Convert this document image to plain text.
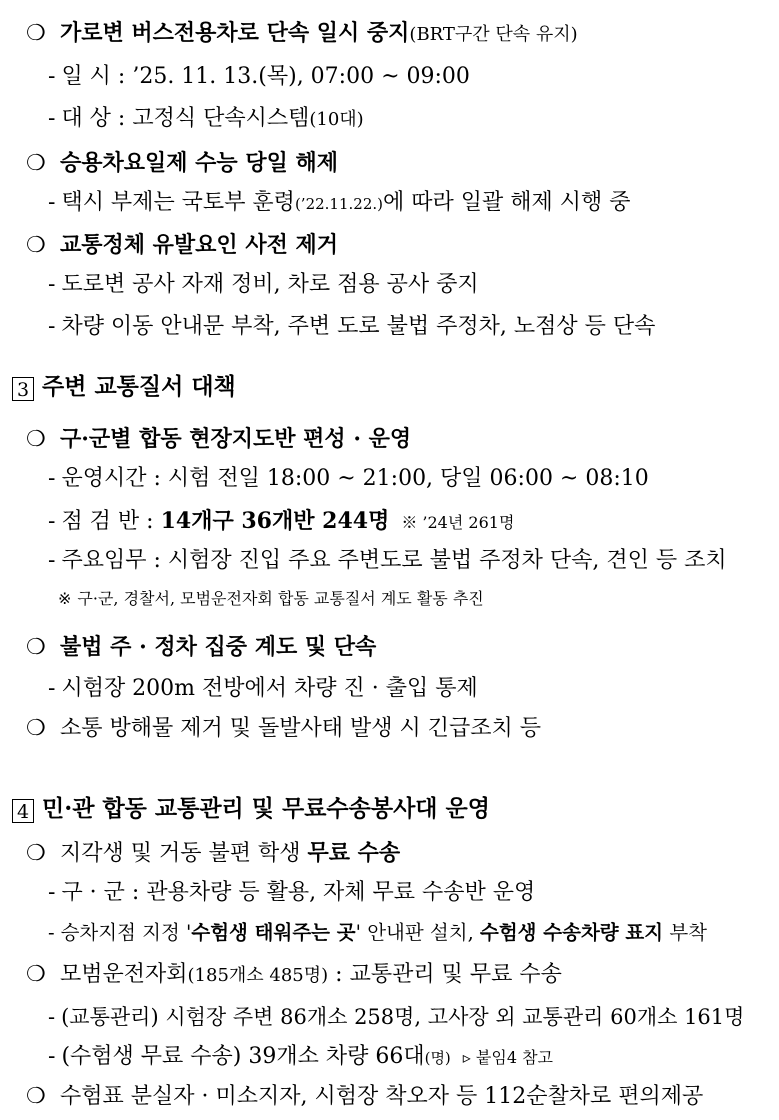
❍ 가로변 버스전용차로 단속 일시 중지(BRT구간 단속 유지)
- 일 시 : ’25. 11. 13.(목), 07:00 ~ 09:00
- 대 상 : 고정식 단속시스템(10대)
❍ 승용차요일제 수능 당일 해제
- 택시 부제는 국토부 훈령(’22.11.22.)에 따라 일괄 해제 시행 중
❍ 교통정체 유발요인 사전 제거
- 도로변 공사 자재 정비, 차로 점용 공사 중지
- 차량 이동 안내문 부착, 주변 도로 불법 주정차, 노점상 등 단속
3 주변 교통질서 대책
❍ 구·군별 합동 현장지도반 편성 · 운영
- 운영시간 : 시험 전일 18:00 ~ 21:00, 당일 06:00 ~ 08:10
- 점 검 반 : 14개구 36개반 244명 ※ ’24년 261명
- 주요임무 : 시험장 진입 주요 주변도로 불법 주정차 단속, 견인 등 조치
※ 구·군, 경찰서, 모범운전자회 합동 교통질서 계도 활동 추진
❍ 불법 주 · 정차 집중 계도 및 단속
- 시험장 200m 전방에서 차량 진 · 출입 통제
❍ 소통 방해물 제거 및 돌발사태 발생 시 긴급조치 등
4 민·관 합동 교통관리 및 무료수송봉사대 운영
❍ 지각생 및 거동 불편 학생 무료 수송
- 구 · 군 : 관용차량 등 활용, 자체 무료 수송반 운영
- 승차지점 지정 '수험생 태워주는 곳' 안내판 설치, 수험생 수송차량 표지 부착
❍ 모범운전자회(185개소 485명) : 교통관리 및 무료 수송
- (교통관리) 시험장 주변 86개소 258명, 고사장 외 교통관리 60개소 161명
- (수험생 무료 수송) 39개소 차량 66대(명) ▹ 붙임4 참고
❍ 수험표 분실자 · 미소지자, 시험장 착오자 등 112순찰차로 편의제공
